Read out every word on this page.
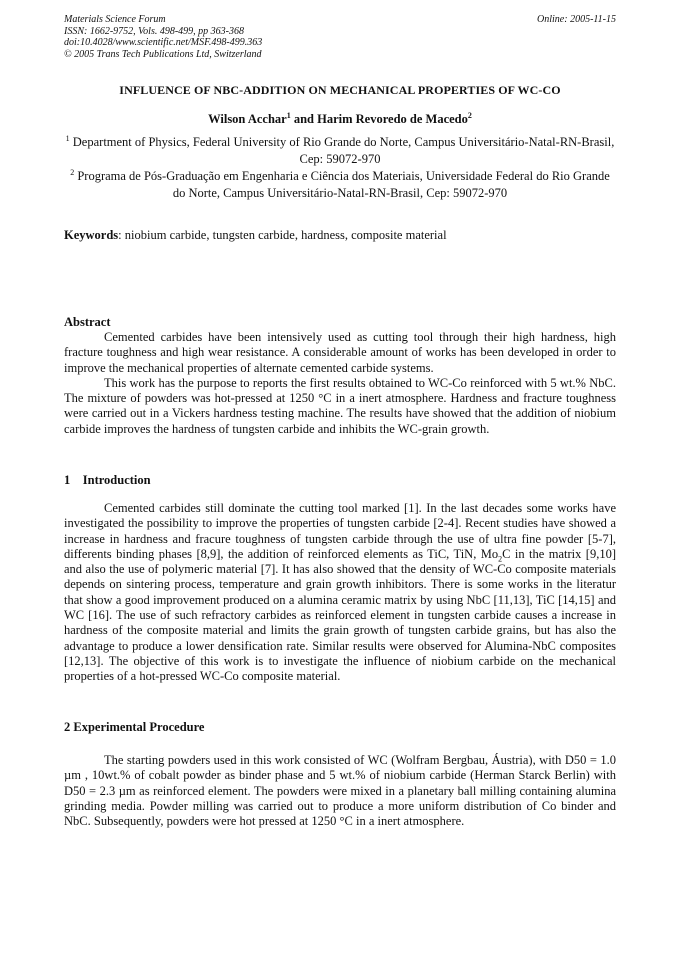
Materials Science Forum
ISSN: 1662-9752, Vols. 498-499, pp 363-368
doi:10.4028/www.scientific.net/MSF.498-499.363
© 2005 Trans Tech Publications Ltd, Switzerland
Online: 2005-11-15
INFLUENCE OF NBC-ADDITION ON MECHANICAL PROPERTIES OF WC-CO
Wilson Acchar$^1$ and Harim Revoredo de Macedo$^2$
$^1$ Department of Physics, Federal University of Rio Grande do Norte, Campus Universitário-Natal-RN-Brasil, Cep: 59072-970
$^2$ Programa de Pós-Graduação em Engenharia e Ciência dos Materiais, Universidade Federal do Rio Grande do Norte, Campus Universitário-Natal-RN-Brasil, Cep: 59072-970
Keywords: niobium carbide, tungsten carbide, hardness, composite material
Abstract

Cemented carbides have been intensively used as cutting tool through their high hardness, high fracture toughness and high wear resistance. A considerable amount of works has been developed in order to improve the mechanical properties of alternate cemented carbide systems.

This work has the purpose to reports the first results obtained to WC-Co reinforced with 5 wt.% NbC. The mixture of powders was hot-pressed at 1250 °C in a inert atmosphere. Hardness and fracture toughness were carried out in a Vickers hardness testing machine. The results have showed that the addition of niobium carbide improves the hardness of tungsten carbide and inhibits the WC-grain growth.

1    Introduction

Cemented carbides still dominate the cutting tool marked [1]. In the last decades some works have investigated the possibility to improve the properties of tungsten carbide [2-4]. Recent studies have showed a increase in hardness and fracure toughness of tungsten carbide through the use of ultra fine powder [5-7], differents binding phases [8,9], the addition of reinforced elements as TiC, TiN, $Mo_2C$ in the matrix [9,10] and also the use of polymeric material [7]. It has also showed that the density of WC-Co composite materials depends on sintering process, temperature and grain growth inhibitors. There is some works in the literatur that show a good improvement produced on a alumina ceramic matrix by using NbC [11,13], TiC [14,15] and WC [16]. The use of such refractory carbides as reinforced element in tungsten carbide causes a increase in hardness of the composite material and limits the grain growth of tungsten carbide grains, but has also the advantage to produce a lower densification rate. Similar results were observed for Alumina-NbC composites [12,13]. The objective of this work is to investigate the influence of niobium carbide on the mechanical properties of a hot-pressed WC-Co composite material.

2 Experimental Procedure

The starting powders used in this work consisted of WC (Wolfram Bergbau, Áustria), with D50 = 1.0 µm , 10wt.% of cobalt powder as binder phase and 5 wt.% of niobium carbide (Herman Starck Berlin) with D50 = 2.3 µm as reinforced element. The powders were mixed in a planetary ball milling containing alumina grinding media. Powder milling was carried out to produce a more uniform distribution of Co binder and NbC. Subsequently, powders were hot pressed at 1250 °C in a inert atmosphere.
